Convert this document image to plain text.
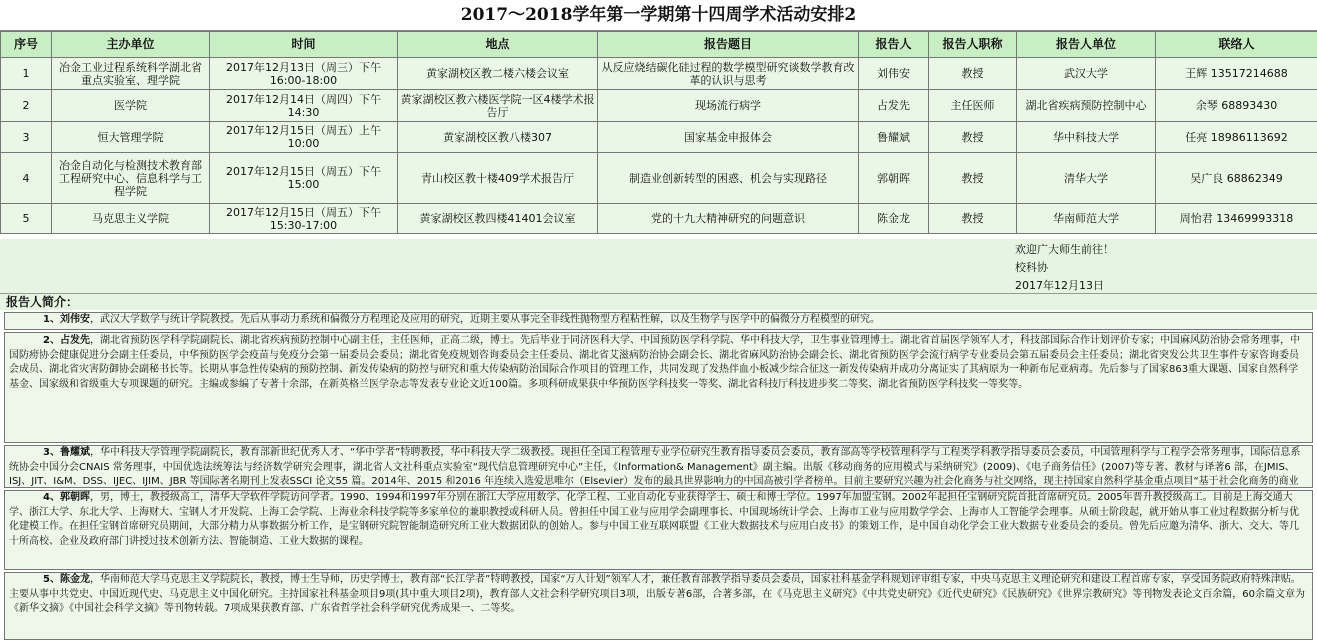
2017～2018学年第一学期第十四周学术活动安排2
序号	主办单位	时间	地点	报告题目	报告人	报告人职称	报告人单位	联络人
1	冶金工业过程系统科学湖北省重点实验室、理学院	2017年12月13日（周三）下午16:00-18:00	黄家湖校区教二楼六楼会议室	从反应烧结碳化硅过程的数学模型研究谈数学教育改革的认识与思考	刘伟安	教授	武汉大学	王辉 13517214688
2	医学院	2017年12月14日（周四）下午14:30	黄家湖校区教六楼医学院一区4楼学术报告厅	现场流行病学	占发先	主任医师	湖北省疾病预防控制中心	余琴 68893430
3	恒大管理学院	2017年12月15日（周五）上午10:00	黄家湖校区教八楼307	国家基金申报体会	鲁耀斌	教授	华中科技大学	任亮 18986113692
4	冶金自动化与检测技术教育部工程研究中心、信息科学与工程学院	2017年12月15日（周五）下午15:00	青山校区教十楼409学术报告厅	制造业创新转型的困惑、机会与实现路径	郭朝晖	教授	清华大学	吴广良 68862349
5	马克思主义学院	2017年12月15日（周五）下午15:30-17:00	黄家湖校区教四楼41401会议室	党的十九大精神研究的问题意识	陈金龙	教授	华南师范大学	周怡君 13469993318
欢迎广大师生前往！
校科协
2017年12月13日
报告人简介：
1、刘伟安，武汉大学数学与统计学院教授。先后从事动力系统和偏微分方程理论及应用的研究，近期主要从事完全非线性抛物型方程粘性解，以及生物学与医学中的偏微分方程模型的研究。
2、占发先，湖北省预防医学科学院副院长、湖北省疾病预防控制中心副主任，主任医师，正高二级，博士。先后毕业于同济医科大学、中国预防医学科学院、华中科技大学，卫生事业管理博士。湖北省首届医学领军人才，科技部国际合作计划评价专家；中国麻风防治协会常务理事，中国防痨协会健康促进分会副主任委员，中华预防医学会疫苗与免疫分会第一届委员会委员；湖北省免疫规划咨询委员会主任委员、湖北省艾滋病防治协会副会长、湖北省麻风防治协会副会长、湖北省预防医学会流行病学专业委员会第五届委员会主任委员；湖北省突发公共卫生事件专家咨询委员会成员、湖北省灾害防御协会副秘书长等。长期从事急性传染病的预防控制、新发传染病的防控与研究和重大传染病防治国际合作项目的管理工作，共同发现了发热伴血小板减少综合征这一新发传染病并成功分离证实了其病原为一种新布尼亚病毒。先后参与了国家863重大课题、国家自然科学基金、国家级和省级重大专项课题的研究。主编或参编了专著十余部，在新英格兰医学杂志等发表专业论文近100篇。多项科研成果获中华预防医学科技奖一等奖、湖北省科技厅科技进步奖二等奖、湖北省预防医学科技奖一等奖等。
3、鲁耀斌，华中科技大学管理学院副院长，教育部新世纪优秀人才、“华中学者”特聘教授，华中科技大学二级教授。现担任全国工程管理专业学位研究生教育指导委员会委员，教育部高等学校管理科学与工程类学科教学指导委员会委员，中国管理科学与工程学会常务理事，国际信息系统协会中国分会CNAIS 常务理事，中国优选法统筹法与经济数学研究会理事，湖北省人文社科重点实验室“现代信息管理研究中心”主任，《Information& Management》副主编。出版《移动商务的应用模式与采纳研究》(2009)、《电子商务信任》(2007)等专著、教材与译著6 部，在JMIS、ISJ、JIT、I&M、DSS、IJEC、IJIM、JBR 等国际著名期刊上发表SSCI 论文55 篇。2014年、2015 和2016 年连续入选爱思唯尔（Elsevier）发布的最具世界影响力的中国高被引学者榜单。目前主要研究兴趣为社会化商务与社交网络，现主持国家自然科学基金重点项目“基于社会化商务的商业
4、郭朝晖，男，博士，教授级高工，清华大学软件学院访问学者。1990、1994和1997年分别在浙江大学应用数学、化学工程、工业自动化专业获得学士、硕士和博士学位。1997年加盟宝钢。2002年起担任宝钢研究院首批首席研究员。2005年晋升教授级高工。目前是上海交通大学、浙江大学、东北大学、上海财大、宝钢人才开发院、上海工会学院、上海业余科技学院等多家单位的兼职教授或科研人员。曾担任中国工业与应用学会副理事长、中国现场统计学会、上海市工业与应用数学学会、上海市人工智能学会理事。从硕士阶段起，就开始从事工业过程数据分析与优化建模工作。在担任宝钢首席研究员期间，大部分精力从事数据分析工作，是宝钢研究院智能制造研究所工业大数据团队的创始人。参与中国工业互联网联盟《工业大数据技术与应用白皮书》的策划工作，是中国自动化学会工业大数据专业委员会的委员。曾先后应邀为清华、浙大、交大、等几十所高校、企业及政府部门讲授过技术创新方法、智能制造、工业大数据的课程。
5、陈金龙，华南师范大学马克思主义学院院长，教授，博士生导师，历史学博士，教育部“长江学者”特聘教授，国家“万人计划”领军人才，兼任教育部教学指导委员会委员，国家社科基金学科规划评审组专家，中央马克思主义理论研究和建设工程首席专家，享受国务院政府特殊津贴。主要从事中共党史、中国近现代史、马克思主义中国化研究。主持国家社科基金项目9项(其中重大项目2项)，教育部人文社会科学研究项目3项，出版专著6部，合著多部，在《马克思主义研究》《中共党史研究》《近代史研究》《民族研究》《世界宗教研究》等刊物发表论文百余篇，60余篇文章为《新华文摘》《中国社会科学文摘》等刊物转载。7项成果获教育部、广东省哲学社会科学研究优秀成果一、二等奖。
